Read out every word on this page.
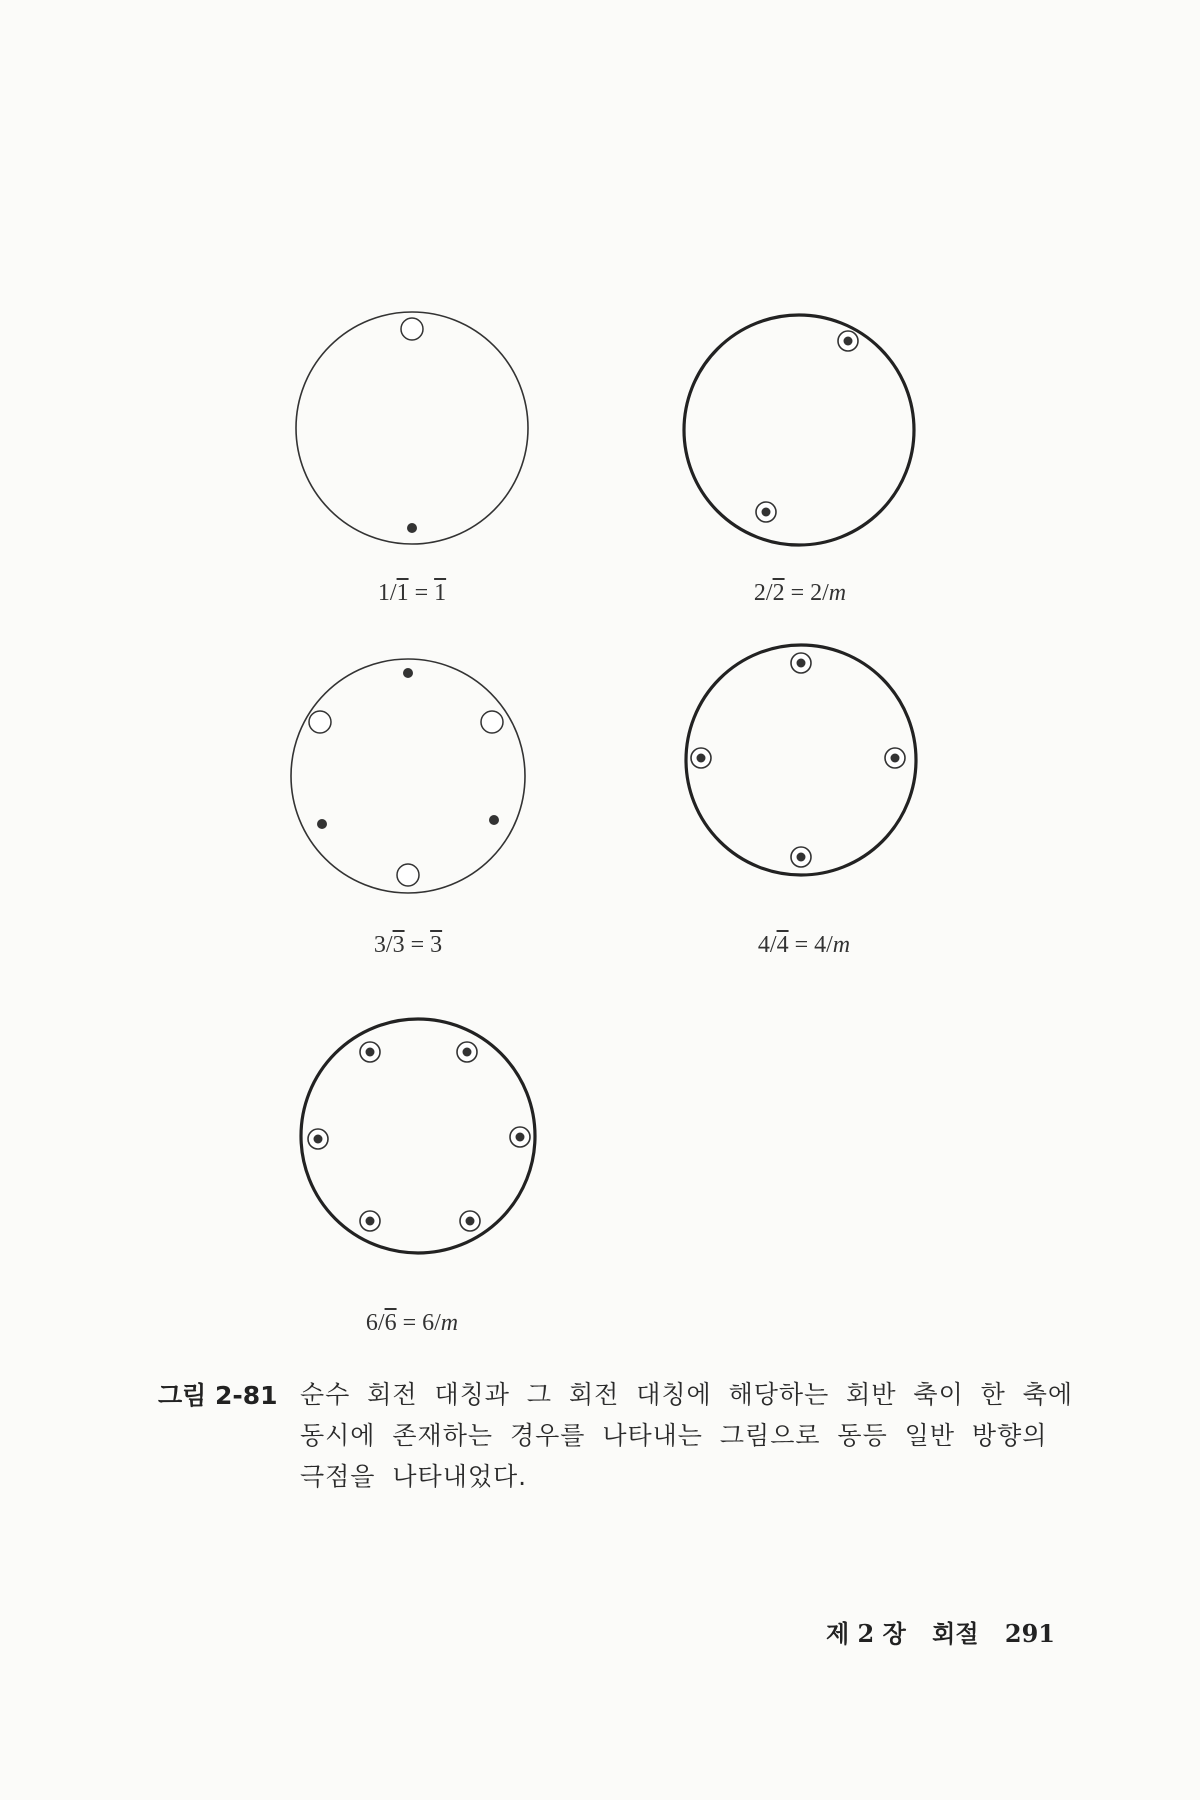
1/1 = 1	2/2 = 2/m
3/3 = 3	4/4 = 4/m
6/6 = 6/m
그림 2-81 순수 회전 대칭과 그 회전 대칭에 해당하는 회반 축이 한 축에 동시에 존재하는 경우를 나타내는 그림으로 동등 일반 방향의 극점을 나타내었다.
제 2 장 회절 291
